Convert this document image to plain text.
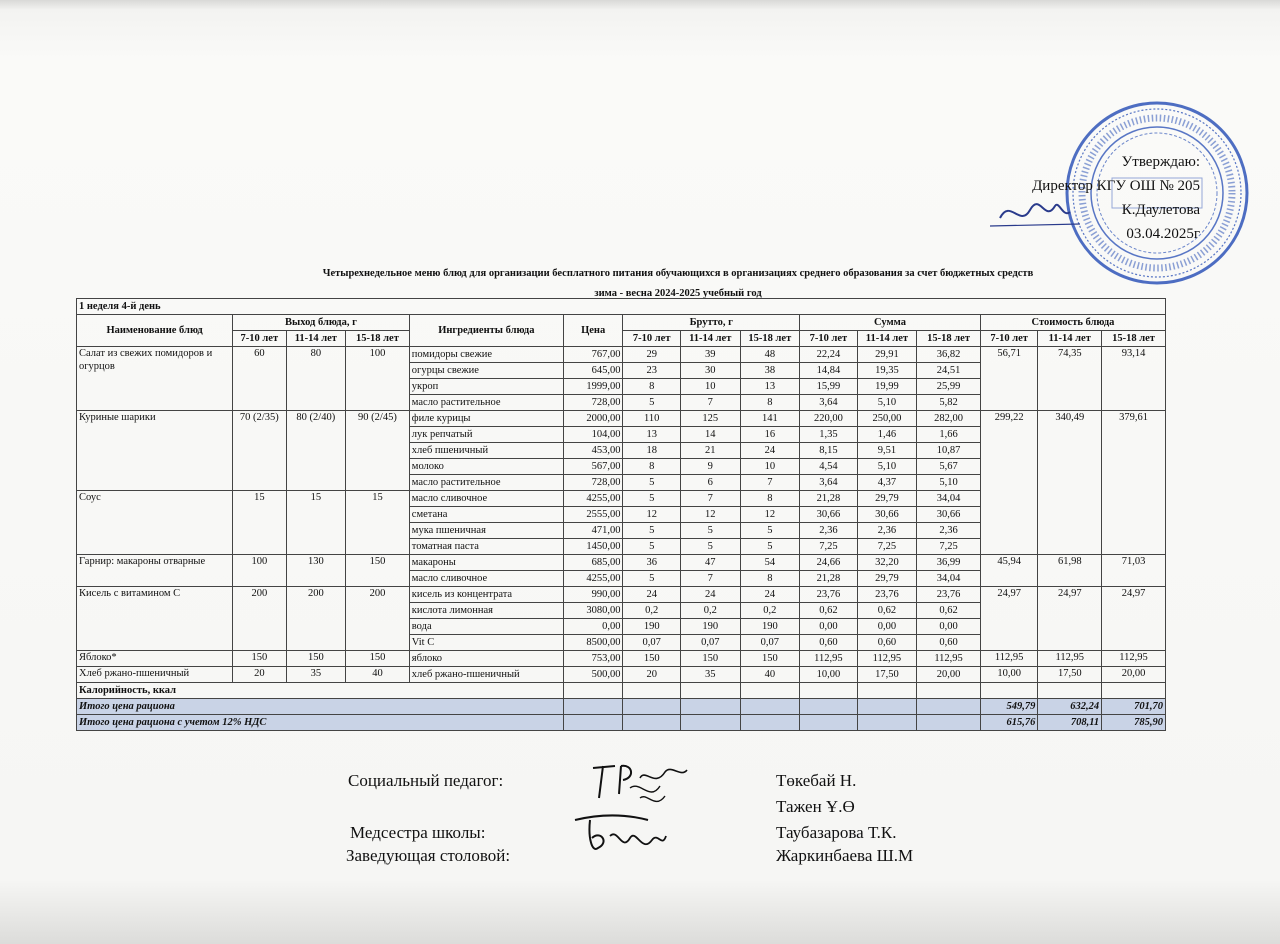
Утверждаю:
Директор КГУ ОШ № 205
К.Даулетова
03.04.2025г
Четырехнедельное меню блюд для организации бесплатного питания обучающихся в организациях среднего образования за счет бюджетных средств
зима - весна 2024-2025 учебный год
1 неделя 4-й день														
Наименование блюд	Выход блюда, г			Ингредиенты блюда	Цена	Брутто, г			Сумма			Стоимость блюда		
	7-10 лет	11-14 лет	15-18 лет			7-10 лет	11-14 лет	15-18 лет	7-10 лет	11-14 лет	15-18 лет	7-10 лет	11-14 лет	15-18 лет
Салат из свежих помидоров и огурцов	60	80	100	помидоры свежие	767,00	29	39	48	22,24	29,91	36,82	56,71	74,35	93,14
				огурцы свежие	645,00	23	30	38	14,84	19,35	24,51			
				укроп	1999,00	8	10	13	15,99	19,99	25,99			
				масло растительное	728,00	5	7	8	3,64	5,10	5,82			
Куриные шарики	70 (2/35)	80 (2/40)	90 (2/45)	филе курицы	2000,00	110	125	141	220,00	250,00	282,00	299,22	340,49	379,61
				лук репчатый	104,00	13	14	16	1,35	1,46	1,66			
				хлеб пшеничный	453,00	18	21	24	8,15	9,51	10,87			
				молоко	567,00	8	9	10	4,54	5,10	5,67			
				масло растительное	728,00	5	6	7	3,64	4,37	5,10			
Соус	15	15	15	масло сливочное	4255,00	5	7	8	21,28	29,79	34,04			
				сметана	2555,00	12	12	12	30,66	30,66	30,66			
				мука пшеничная	471,00	5	5	5	2,36	2,36	2,36			
				томатная паста	1450,00	5	5	5	7,25	7,25	7,25			
Гарнир: макароны отварные	100	130	150	макароны	685,00	36	47	54	24,66	32,20	36,99	45,94	61,98	71,03
				масло сливочное	4255,00	5	7	8	21,28	29,79	34,04			
Кисель с витамином С	200	200	200	кисель из концентрата	990,00	24	24	24	23,76	23,76	23,76	24,97	24,97	24,97
				кислота лимонная	3080,00	0,2	0,2	0,2	0,62	0,62	0,62			
				вода	0,00	190	190	190	0,00	0,00	0,00			
				Vit C	8500,00	0,07	0,07	0,07	0,60	0,60	0,60			
Яблоко*	150	150	150	яблоко	753,00	150	150	150	112,95	112,95	112,95	112,95	112,95	112,95
Хлеб ржано-пшеничный	20	35	40	хлеб ржано-пшеничный	500,00	20	35	40	10,00	17,50	20,00	10,00	17,50	20,00
Калорийность, ккал														
Итого цена рациона												549,79	632,24	701,70
Итого цена рациона с учетом 12% НДС												615,76	708,11	785,90
Социальный педагог:	Төкебай Н.
Тажен Ұ.Ө
Медсестра школы:	Таубазарова Т.К.
Заведующая столовой:	Жаркинбаева Ш.М
